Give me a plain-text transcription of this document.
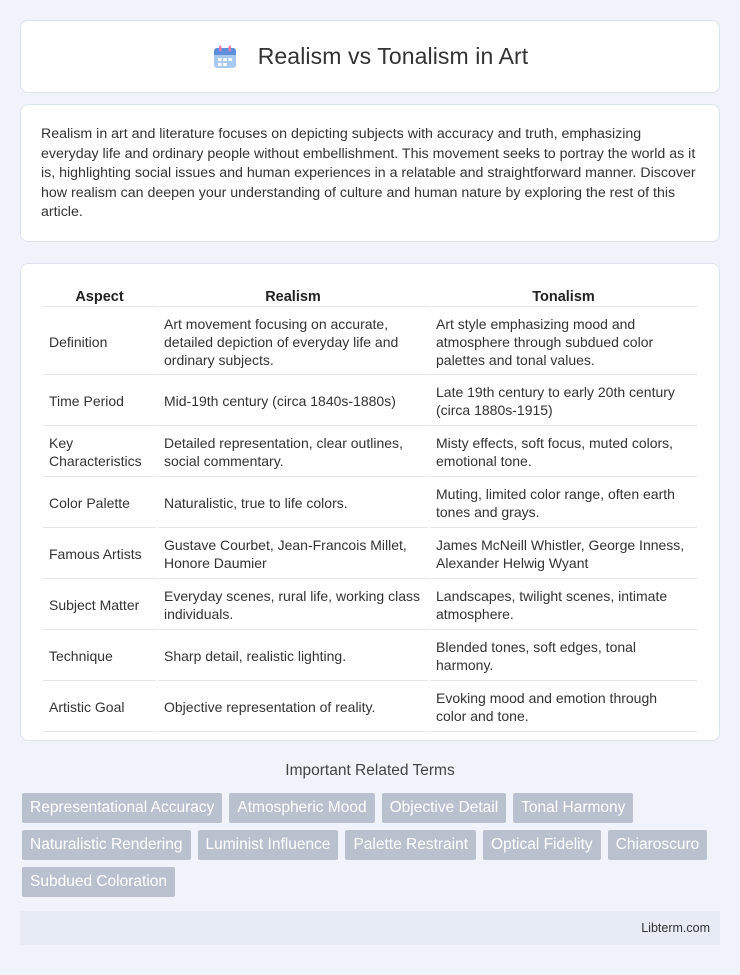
Realism vs Tonalism in Art

Realism in art and literature focuses on depicting subjects with accuracy and truth, emphasizing everyday life and ordinary people without embellishment. This movement seeks to portray the world as it is, highlighting social issues and human experiences in a relatable and straightforward manner. Discover how realism can deepen your understanding of culture and human nature by exploring the rest of this article.

Aspect	Realism	Tonalism
Definition	Art movement focusing on accurate, detailed depiction of everyday life and ordinary subjects.	Art style emphasizing mood and atmosphere through subdued color palettes and tonal values.
Time Period	Mid-19th century (circa 1840s-1880s)	Late 19th century to early 20th century (circa 1880s-1915)
Key Characteristics	Detailed representation, clear outlines, social commentary.	Misty effects, soft focus, muted colors, emotional tone.
Color Palette	Naturalistic, true to life colors.	Muting, limited color range, often earth tones and grays.
Famous Artists	Gustave Courbet, Jean-Francois Millet, Honore Daumier	James McNeill Whistler, George Inness, Alexander Helwig Wyant
Subject Matter	Everyday scenes, rural life, working class individuals.	Landscapes, twilight scenes, intimate atmosphere.
Technique	Sharp detail, realistic lighting.	Blended tones, soft edges, tonal harmony.
Artistic Goal	Objective representation of reality.	Evoking mood and emotion through color and tone.
Important Related Terms
Representational Accuracy	Atmospheric Mood	Objective Detail	Tonal Harmony
Naturalistic Rendering	Luminist Influence	Palette Restraint	Optical Fidelity	Chiaroscuro
Subdued Coloration
Libterm.com
